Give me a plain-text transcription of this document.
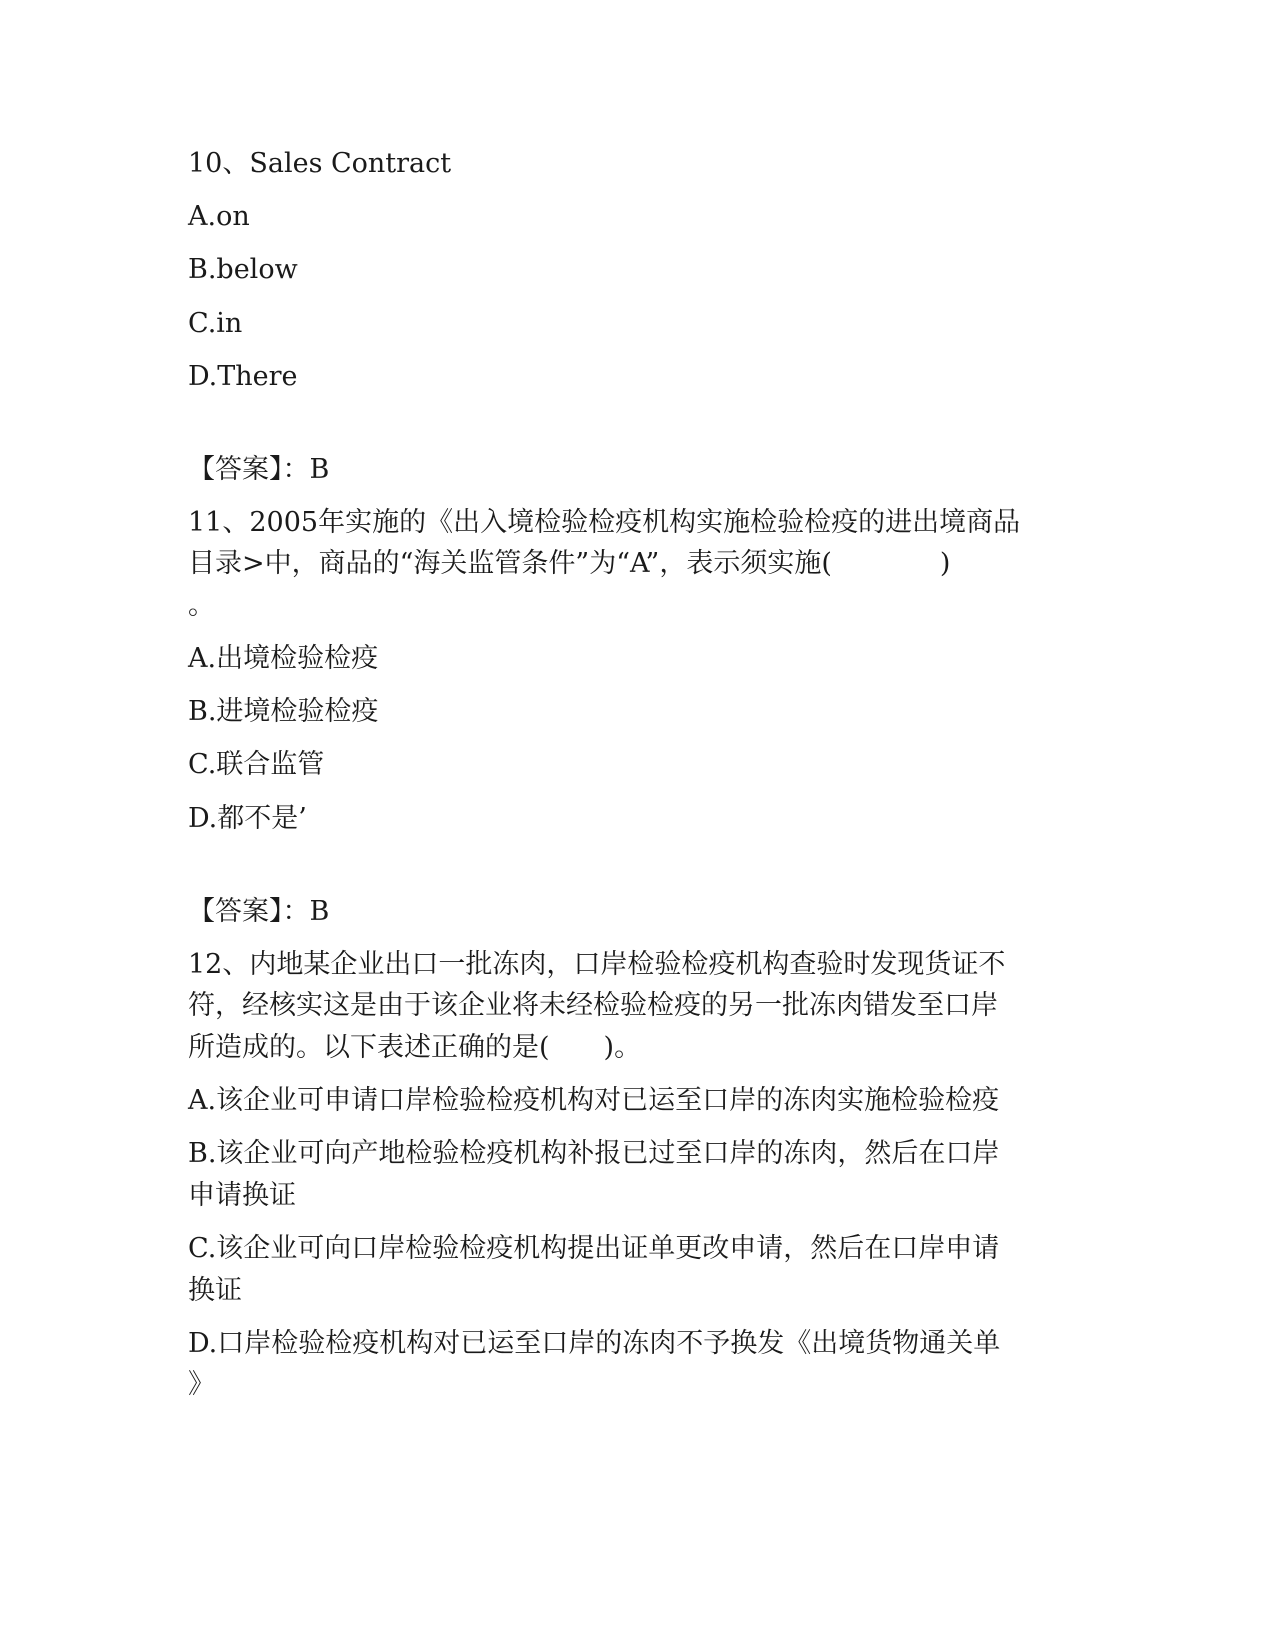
10、Sales Contract
A.on
B.below
C.in
D.There
【答案】：B
11、2005年实施的《出入境检验检疫机构实施检验检疫的进出境商品
目录>中，商品的“海关监管条件”为“A”，表示须实施(　　　　)
。
A.出境检验检疫
B.进境检验检疫
C.联合监管
D.都不是’
【答案】：B
12、内地某企业出口一批冻肉，口岸检验检疫机构查验时发现货证不
符，经核实这是由于该企业将未经检验检疫的另一批冻肉错发至口岸
所造成的。以下表述正确的是(　　)。
A.该企业可申请口岸检验检疫机构对已运至口岸的冻肉实施检验检疫
B.该企业可向产地检验检疫机构补报已过至口岸的冻肉，然后在口岸
申请换证
C.该企业可向口岸检验检疫机构提出证单更改申请，然后在口岸申请
换证
D.口岸检验检疫机构对已运至口岸的冻肉不予换发《出境货物通关单
》
